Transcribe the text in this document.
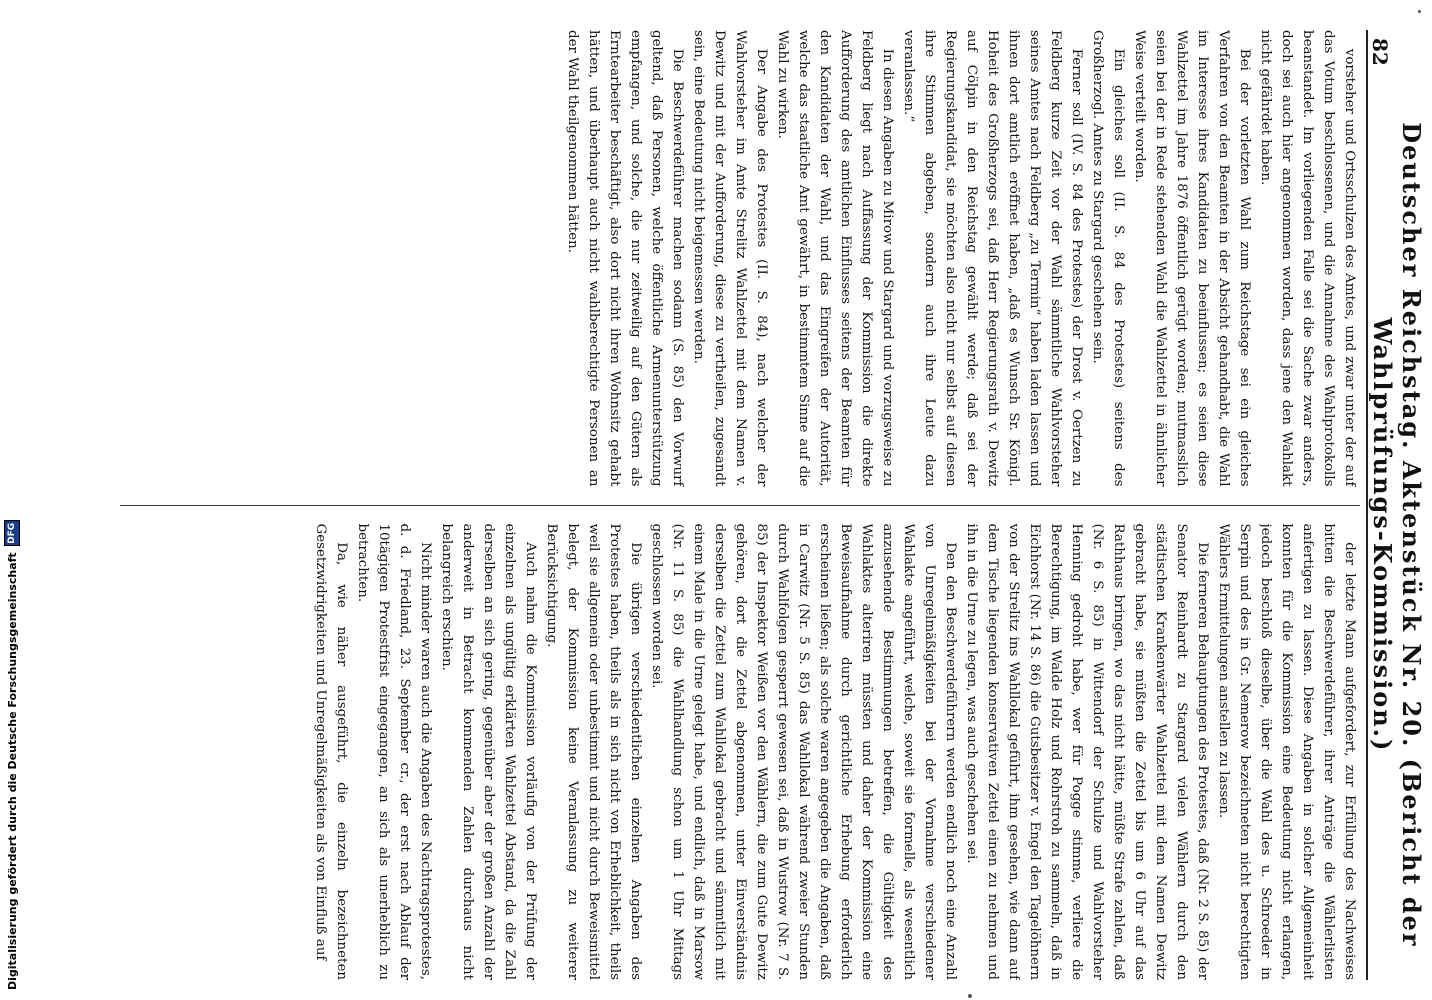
82
Deutscher Reichstag. Aktenstück Nr. 20. (Bericht der Wahlprüfungs-Kommission.)

vorsteher und Ortsschulzen des Amtes, und zwar unter der auf das Votum beschlossenen, und die Annahme des Wahlprotokolls beanstandet. Im vorliegenden Falle sei die Sache zwar anders, doch sei auch hier angenommen worden, dass jene den Wahlakt nicht gefährdet haben.

Bei der vorletzten Wahl zum Reichstage sei ein gleiches Verfahren von den Beamten in der Absicht gehandhabt, die Wahl im Interesse ihres Kandidaten zu beeinflussen; es seien diese Wahlzettel im Jahre 1876 öffentlich gerügt worden; mutmasslich seien bei der in Rede stehenden Wahl die Wahlzettel in ähnlicher Weise verteilt worden.

Ein gleiches soll (II. S. 84 des Protestes) seitens des Großherzogl. Amtes zu Stargard geschehen sein.

Ferner soll (IV. S. 84 des Protestes) der Drost v. Oertzen zu Feldberg kurze Zeit vor der Wahl sämmtliche Wahlvorsteher seines Amtes nach Feldberg „zu Termin“ haben laden lassen und ihnen dort amtlich eröffnet haben, „daß es Wunsch Sr. Königl. Hoheit des Großherzogs sei, daß Herr Regierungsrath v. Dewitz auf Cölpin in den Reichstag gewählt werde; daß sei der Regierungskandidat, sie möchten also nicht nur selbst auf diesen ihre Stimmen abgeben, sondern auch ihre Leute dazu veranlassen.“

In diesen Angaben zu Mirow und Stargard und vorzugsweise zu Feldberg liegt nach Auffassung der Kommission die direkte Aufforderung des amtlichen Einflusses seitens der Beamten für den Kandidaten der Wahl, und das Eingreifen der Autorität, welche das staatliche Amt gewährt, in bestimmtem Sinne auf die Wahl zu wirken.

Der Angabe des Protestes (II. S. 84), nach welcher der Wahlvorsteher im Amte Strelitz Wahlzettel mit dem Namen v. Dewitz und mit der Aufforderung, diese zu vertheilen, zugesandt sein, eine Bedeutung nicht beigemessen werden.

Die Beschwerdeführer machen sodann (S. 85) den Vorwurf geltend, daß Personen, welche öffentliche Armenunterstützung empfangen, und solche, die nur zeitweilig auf den Gütern als Erntearbeiter beschäftigt, also dort nicht ihren Wohnsitz gehabt hätten, und überhaupt auch nicht wahlberechtigte Personen an der Wahl theilgenommen hätten.

der letzte Mann aufgefordert, zur Erfüllung des Nachweises bitten die Beschwerdeführer, ihrer Anträge die Wählerlisten anfertigen zu lassen. Diese Angaben in solcher Allgemeinheit konnten für die Kommission eine Bedeutung nicht erlangen, jedoch beschloß dieselbe, über die Wahl des u. Schroeder in Serpin und des in Gr. Nemerow bezeichneten nicht berechtigten Wählers Ermittelungen anstellen zu lassen.

Die ferneren Behauptungen des Protestes, daß (Nr. 2 S. 85) der Senator Reinhardt zu Stargard vielen Wählern durch den städtischen Krankenwärter Wahlzettel mit dem Namen Dewitz gebracht habe, sie müßten die Zettel bis um 6 Uhr auf das Rathhaus bringen, wo das nicht hätte, müßte Strafe zahlen, daß (Nr. 6 S. 85) in Wittendorf der Schulze und Wahlvorsteher Henning gedroht habe, wer für Pogge stimme, verliere die Berechtigung, im Walde Holz und Rohrstroh zu sammeln, daß in Eichhorst (Nr. 14 S. 86) die Gutsbesitzer v. Engel den Tagelöhnern von der Strelitz ins Wahllokal geführt, ihm gesehen, wie dann auf dem Tische liegenden konservativen Zettel einen zu nehmen und ihn in die Urne zu legen, was auch geschehen sei.

Den den Beschwerdeführern werden endlich noch eine Anzahl von Unregelmäßigkeiten bei der Vornahme verschiedener Wahlakte angeführt, welche, soweit sie formelle, als wesentlich anzusehende Bestimmungen betreffen, die Gültigkeit des Wahlaktes alteriren müssten und daher der Kommission eine Beweisaufnahme durch gerichtliche Erhebung erforderlich erscheinen ließen; als solche waren angegeben die Angaben, daß in Carwitz (Nr. 5 S. 85) das Wahllokal während zweier Stunden durch Wahlfolgen gesperrt gewesen sei, daß in Wustrow (Nr. 7 S. 85) der Inspektor Weißen vor den Wählern, die zum Gute Dewitz gehören, dort die Zettel abgenommen, unter Einverständnis derselben die Zettel zum Wahllokal gebracht und sämmtlich mit einem Male in die Urne gelegt habe, und endlich, daß in Marsow (Nr. 11 S. 85) die Wahlhandlung schon um 1 Uhr Mittags geschlossen worden sei.

Die übrigen verschiedentlichen einzelnen Angaben des Protestes haben, theils als in sich nicht von Erheblichkeit, theils weil sie allgemein oder unbestimmt und nicht durch Beweismittel belegt, der Kommission keine Veranlassung zu weiterer Berücksichtigung.

Auch nahm die Kommission vorläufig von der Prüfung der einzelnen als ungültig erklärten Wahlzettel Abstand, da die Zahl derselben an sich gering, gegenüber aber der großen Anzahl der anderweit in Betracht kommenden Zahlen durchaus nicht belangreich erschien.

Nicht minder waren auch die Angaben des Nachtragsprotestes, d. d. Friedland, 23. September cr., der erst nach Ablauf der 10tägigen Protestfrist eingegangen, an sich als unerheblich zu betrachten.

Da, wie näher ausgeführt, die einzeln bezeichneten Gesetzwidrigkeiten und Unregelmäßigkeiten als von Einfluß auf

Digitalisierung gefördert durch die Deutsche Forschungsgemeinschaft
DFG
